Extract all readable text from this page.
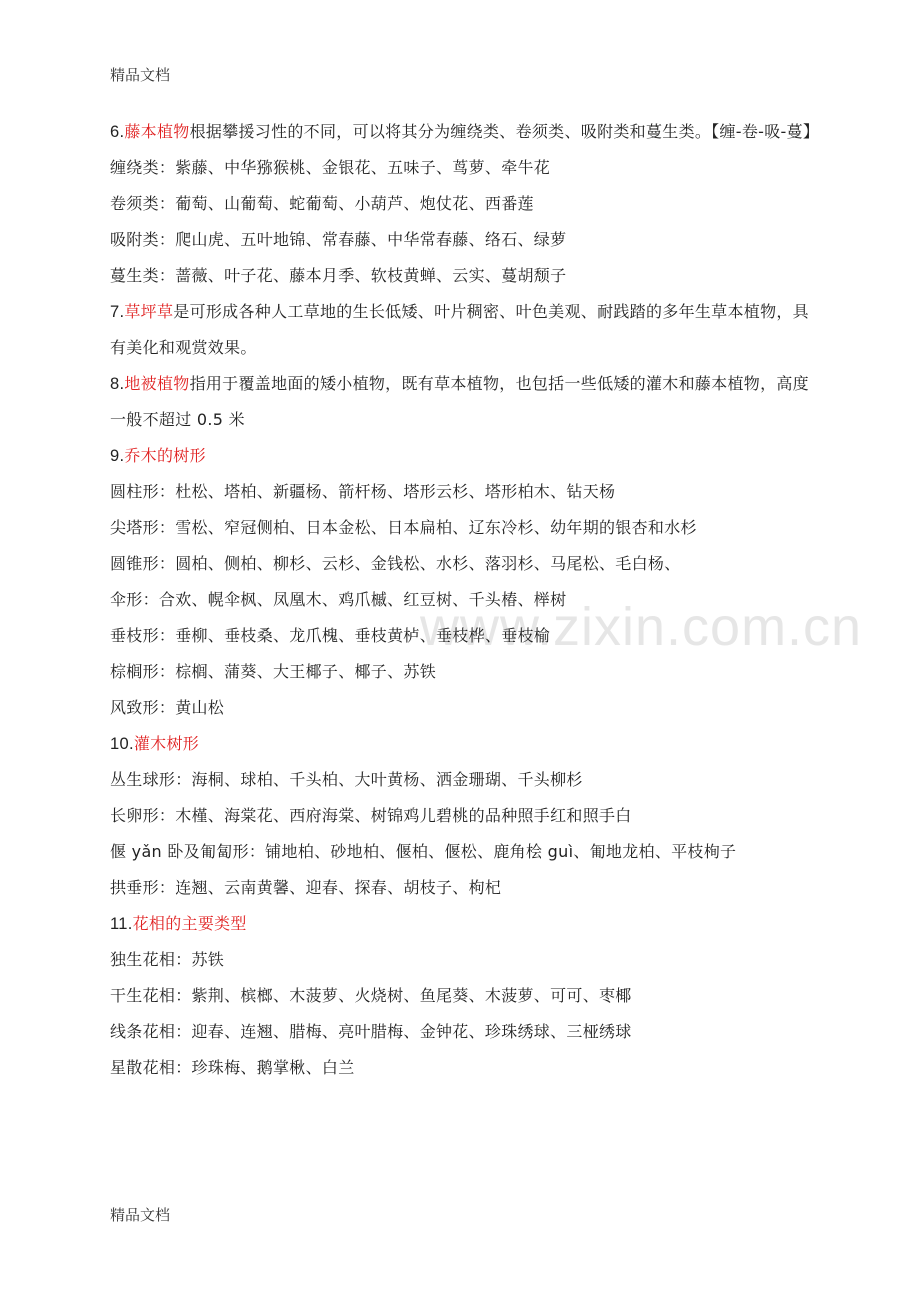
精品文档
www.zixin.com.cn
6.藤本植物根据攀援习性的不同，可以将其分为缠绕类、卷须类、吸附类和蔓生类。【缠-卷-吸-蔓】
缠绕类：紫藤、中华猕猴桃、金银花、五味子、茑萝、牵牛花
卷须类：葡萄、山葡萄、蛇葡萄、小葫芦、炮仗花、西番莲
吸附类：爬山虎、五叶地锦、常春藤、中华常春藤、络石、绿萝
蔓生类：蔷薇、叶子花、藤本月季、软枝黄蝉、云实、蔓胡颓子
7.草坪草是可形成各种人工草地的生长低矮、叶片稠密、叶色美观、耐践踏的多年生草本植物，具有美化和观赏效果。
8.地被植物指用于覆盖地面的矮小植物，既有草本植物，也包括一些低矮的灌木和藤本植物，高度一般不超过 0.5 米
9.乔木的树形
圆柱形：杜松、塔柏、新疆杨、箭杆杨、塔形云杉、塔形柏木、钻天杨
尖塔形：雪松、窄冠侧柏、日本金松、日本扁柏、辽东冷杉、幼年期的银杏和水杉
圆锥形：圆柏、侧柏、柳杉、云杉、金钱松、水杉、落羽杉、马尾松、毛白杨、
伞形：合欢、幌伞枫、凤凰木、鸡爪槭、红豆树、千头椿、榉树
垂枝形：垂柳、垂枝桑、龙爪槐、垂枝黄栌、垂枝桦、垂枝榆
棕榈形：棕榈、蒲葵、大王椰子、椰子、苏铁
风致形：黄山松
10.灌木树形
丛生球形：海桐、球柏、千头柏、大叶黄杨、洒金珊瑚、千头柳杉
长卵形：木槿、海棠花、西府海棠、树锦鸡儿碧桃的品种照手红和照手白
偃 yǎn 卧及匍匐形：铺地柏、砂地柏、偃柏、偃松、鹿角桧 guì、匍地龙柏、平枝栒子
拱垂形：连翘、云南黄馨、迎春、探春、胡枝子、枸杞
11.花相的主要类型
独生花相：苏铁
干生花相：紫荆、槟榔、木菠萝、火烧树、鱼尾葵、木菠萝、可可、枣椰
线条花相：迎春、连翘、腊梅、亮叶腊梅、金钟花、珍珠绣球、三桠绣球
星散花相：珍珠梅、鹅掌楸、白兰
精品文档
